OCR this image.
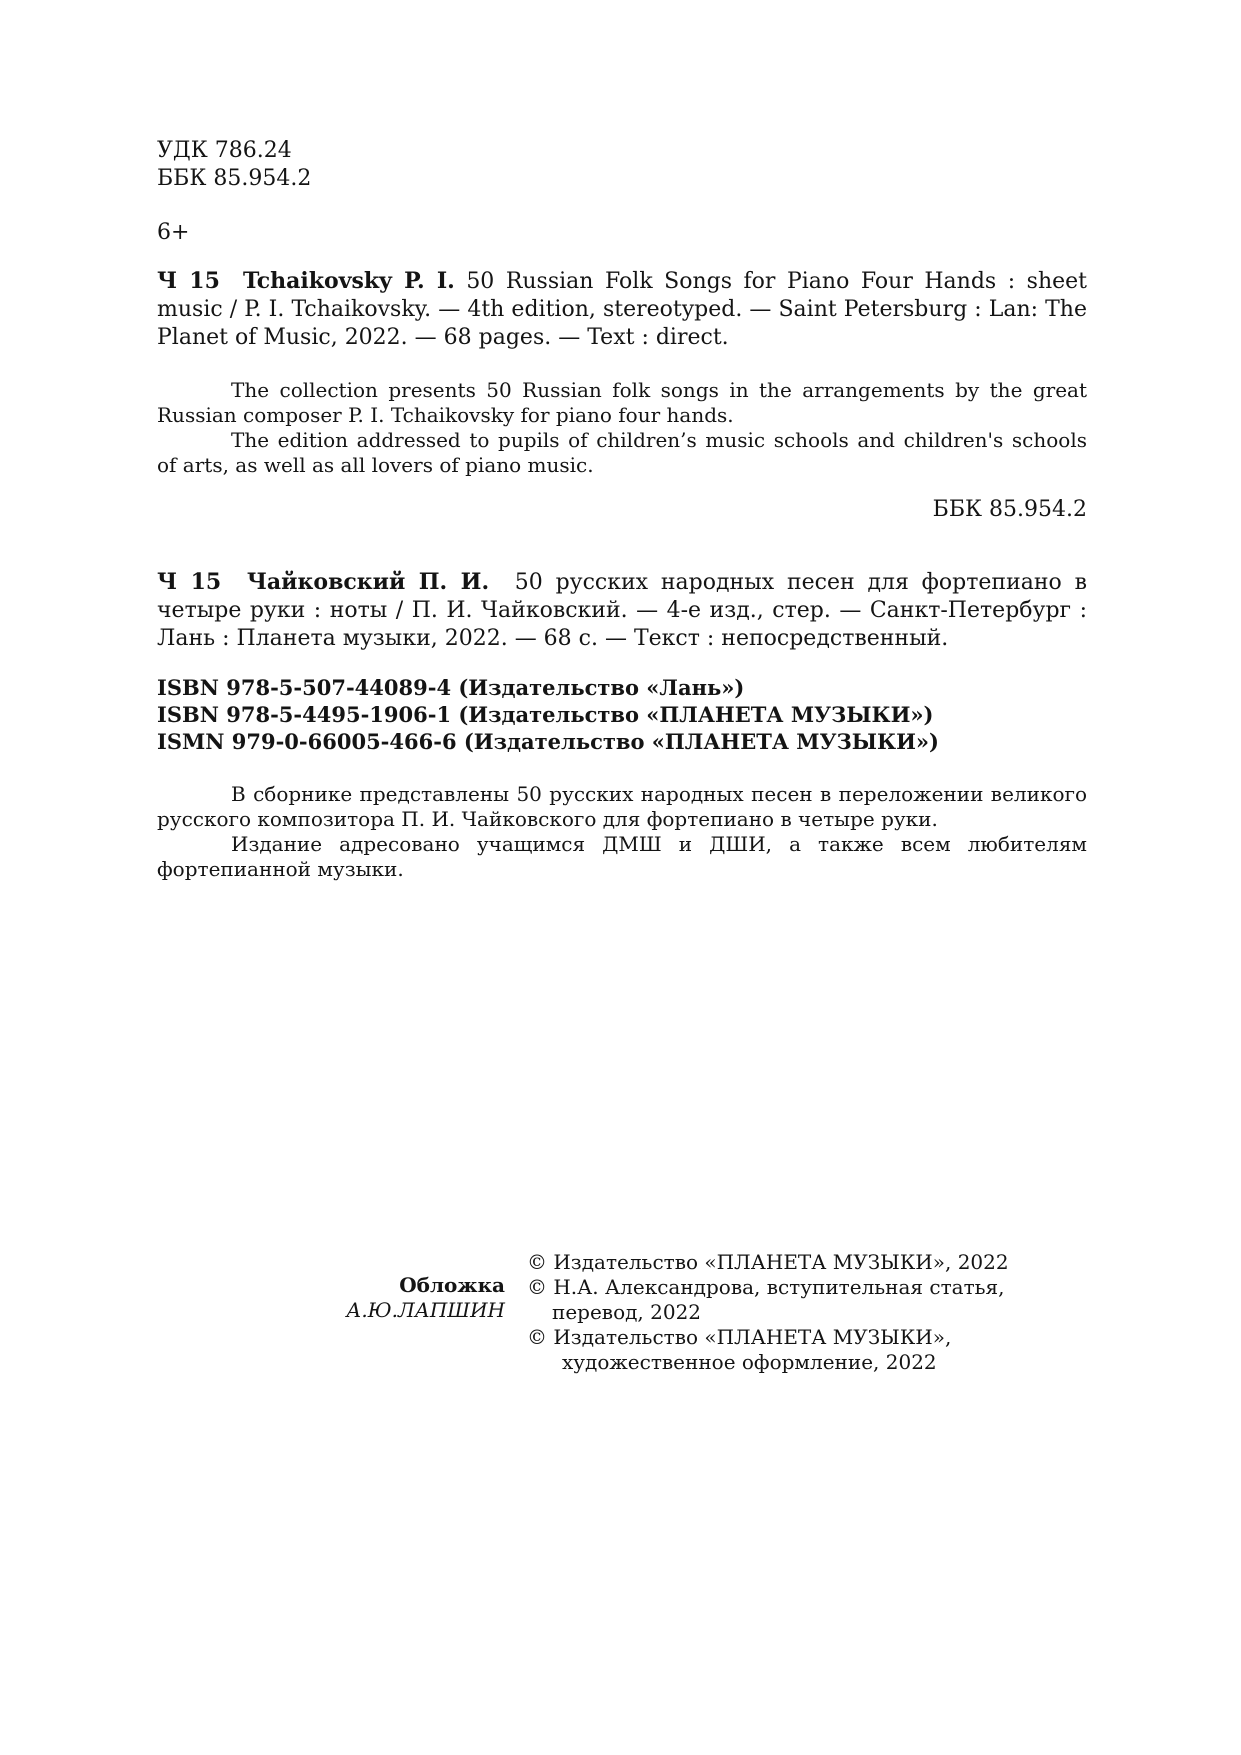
УДК 786.24
ББК 85.954.2
6+
Ч 15 Tchaikovsky P. I. 50 Russian Folk Songs for Piano Four Hands : sheet music / P. I. Tchaikovsky. — 4th edition, stereotyped. — Saint Petersburg : Lan: The Planet of Music, 2022. — 68 pages. — Text : direct.

The collection presents 50 Russian folk songs in the arrangements by the great Russian composer P. I. Tchaikovsky for piano four hands.

The edition addressed to pupils of children’s music schools and children's schools of arts, as well as all lovers of piano music.

ББК 85.954.2
Ч 15 Чайковский П. И. 50 русских народных песен для фортепиано в четыре руки : ноты / П. И. Чайковский. — 4-е изд., стер. — Санкт-Петербург : Лань : Планета музыки, 2022. — 68 с. — Текст : непосредственный.
ISBN 978-5-507-44089-4 (Издательство «Лань»)
ISBN 978-5-4495-1906-1 (Издательство «ПЛАНЕТА МУЗЫКИ»)
ISMN 979-0-66005-466-6 (Издательство «ПЛАНЕТА МУЗЫКИ»)

В сборнике представлены 50 русских народных песен в переложении великого русского композитора П. И. Чайковского для фортепиано в четыре руки.

Издание адресовано учащимся ДМШ и ДШИ, а также всем любителям фортепианной музыки.

Обложка
А.Ю.ЛАПШИН
© Издательство «ПЛАНЕТА МУЗЫКИ», 2022
© Н.А. Александрова, вступительная статья,
перевод, 2022
© Издательство «ПЛАНЕТА МУЗЫКИ»,
художественное оформление, 2022
